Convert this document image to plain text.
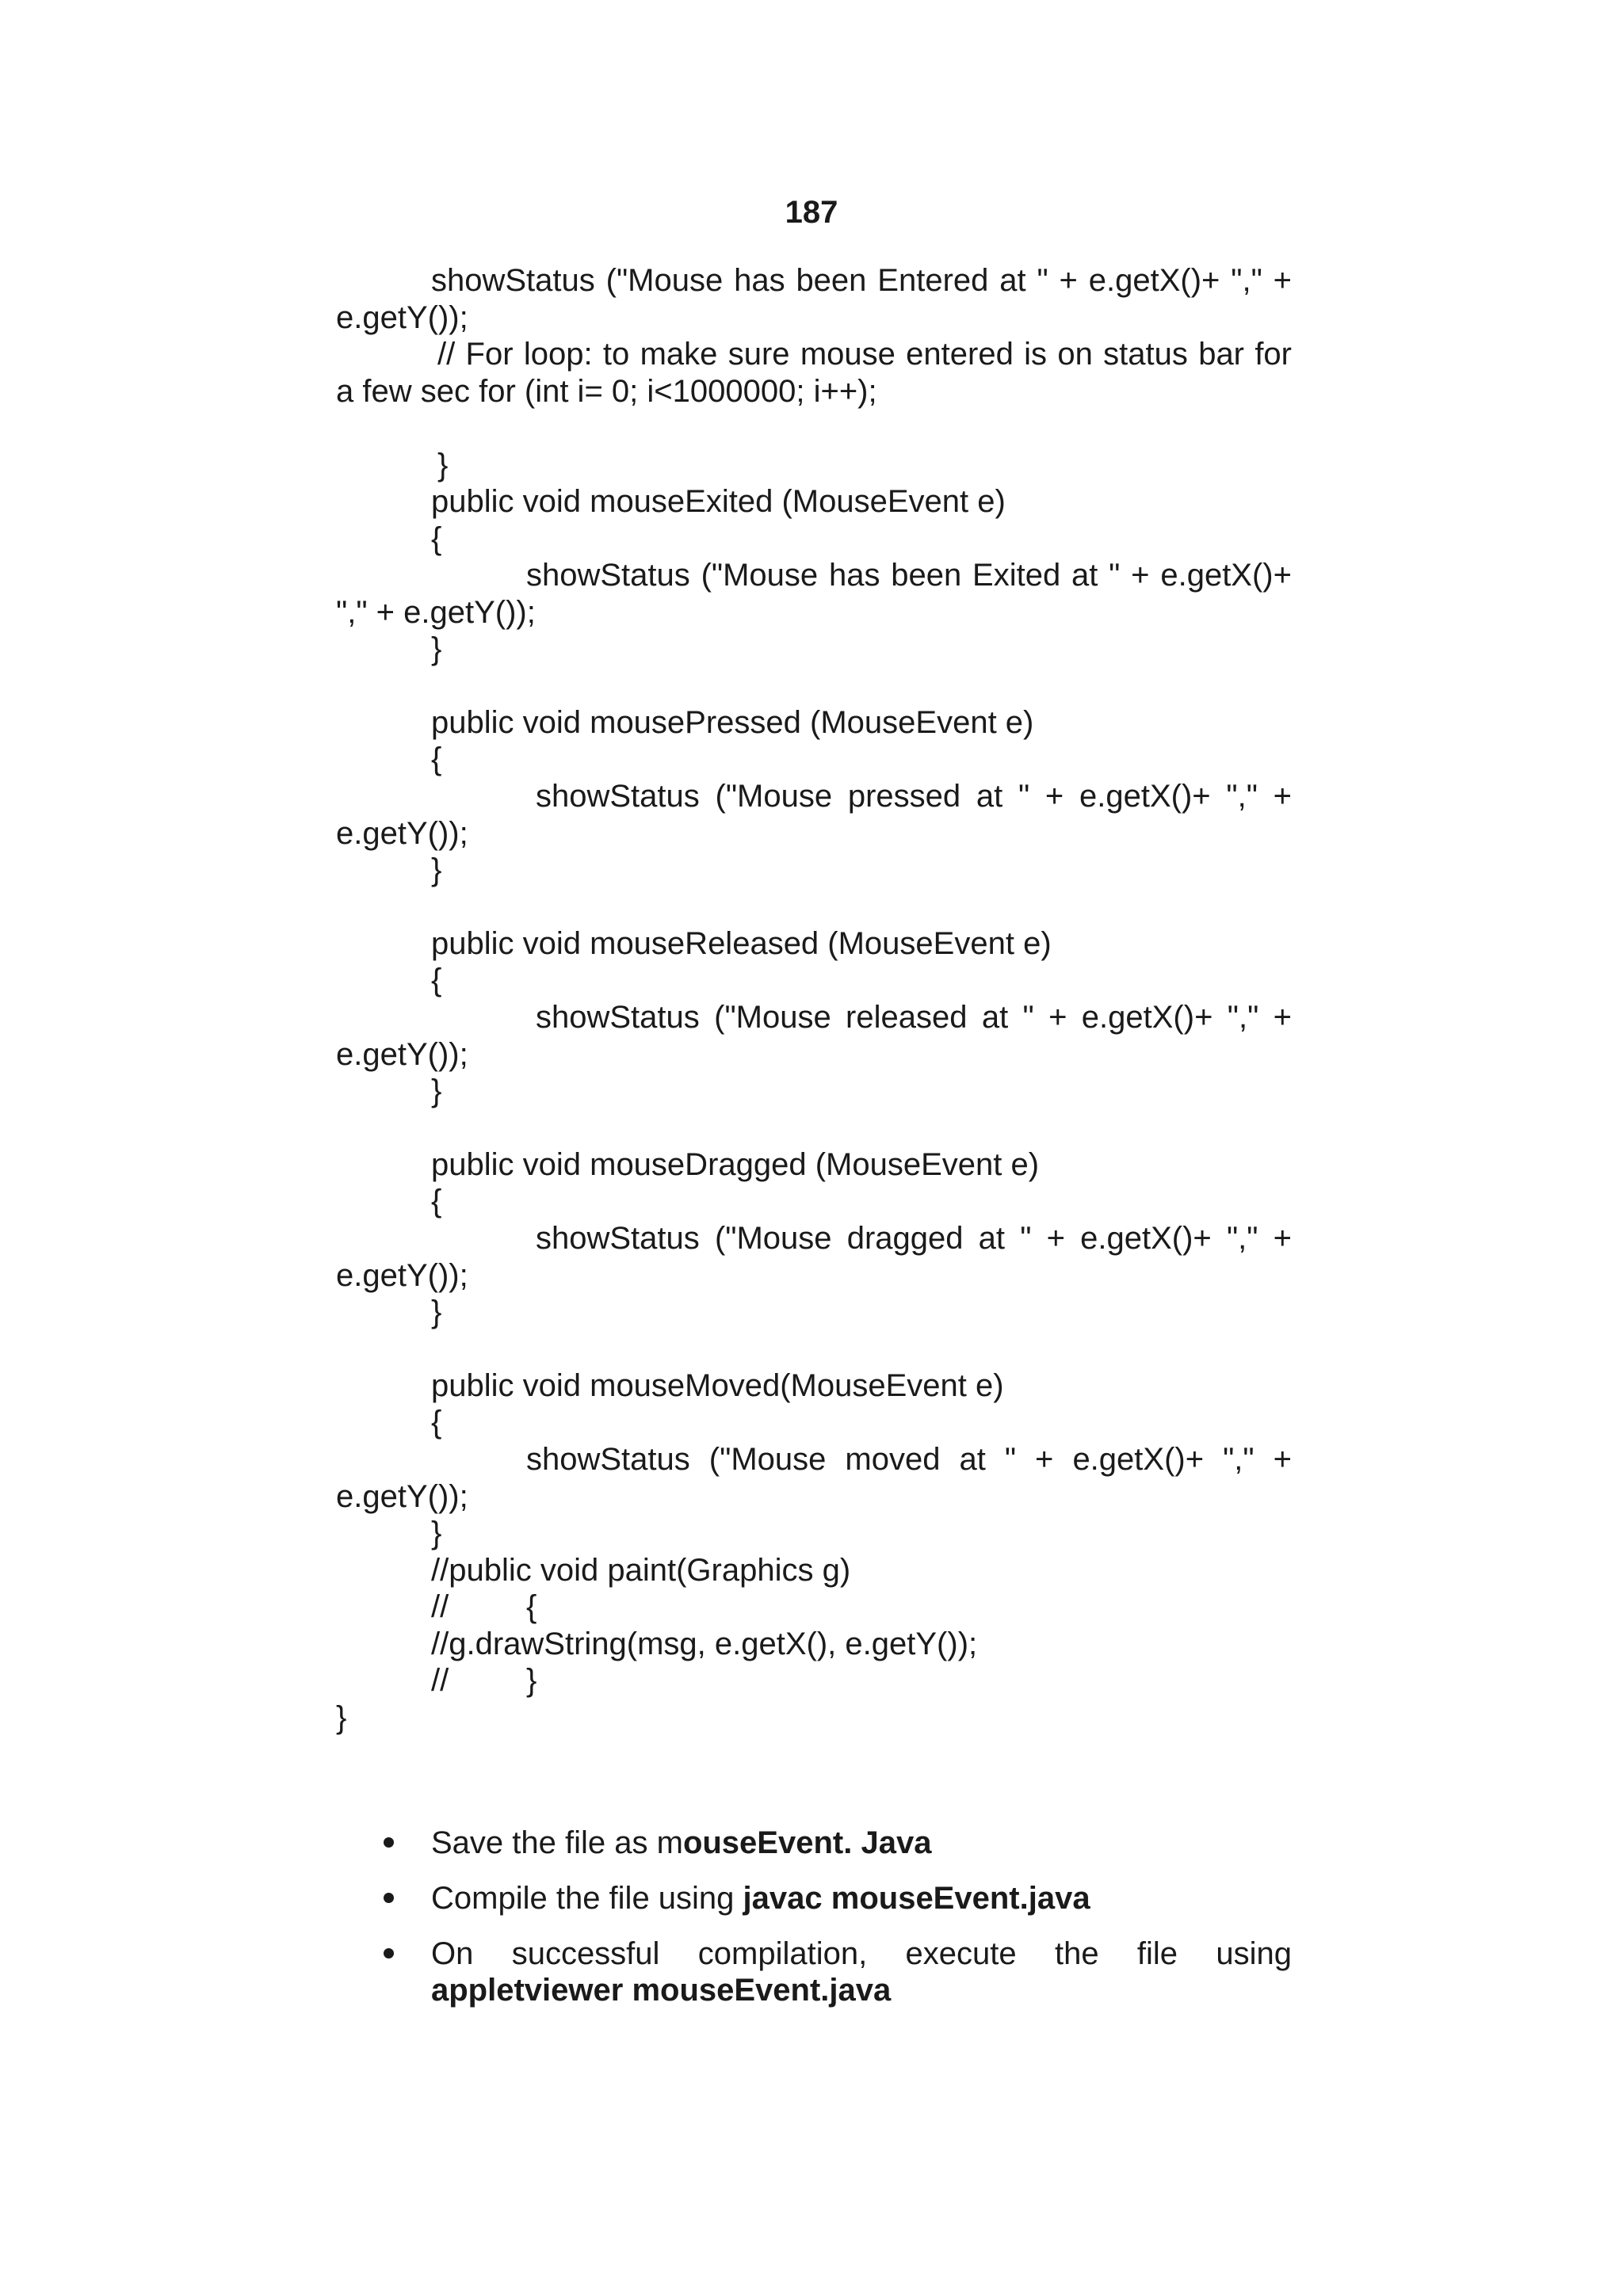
187
showStatus ("Mouse has been Entered at " + e.getX()+ "," +
e.getY());
// For loop: to make sure mouse entered is on status bar for
a few sec for (int i= 0; i<1000000; i++);
}
public void mouseExited (MouseEvent e)
{
showStatus ("Mouse has been Exited at " + e.getX()+
"," + e.getY());
}
public void mousePressed (MouseEvent e)
{
showStatus ("Mouse pressed at " + e.getX()+ "," +
e.getY());
}
public void mouseReleased (MouseEvent e)
{
showStatus ("Mouse released at " + e.getX()+ "," +
e.getY());
}
public void mouseDragged (MouseEvent e)
{
showStatus ("Mouse dragged at " + e.getX()+ "," +
e.getY());
}
public void mouseMoved(MouseEvent e)
{
showStatus ("Mouse moved at " + e.getX()+ "," +
e.getY());
}
//public void paint(Graphics g)
// {
//g.drawString(msg, e.getX(), e.getY());
// }
}
Save the file as mouseEvent. Java
Compile the file using javac mouseEvent.java
On successful compilation, execute the file using
appletviewer mouseEvent.java
